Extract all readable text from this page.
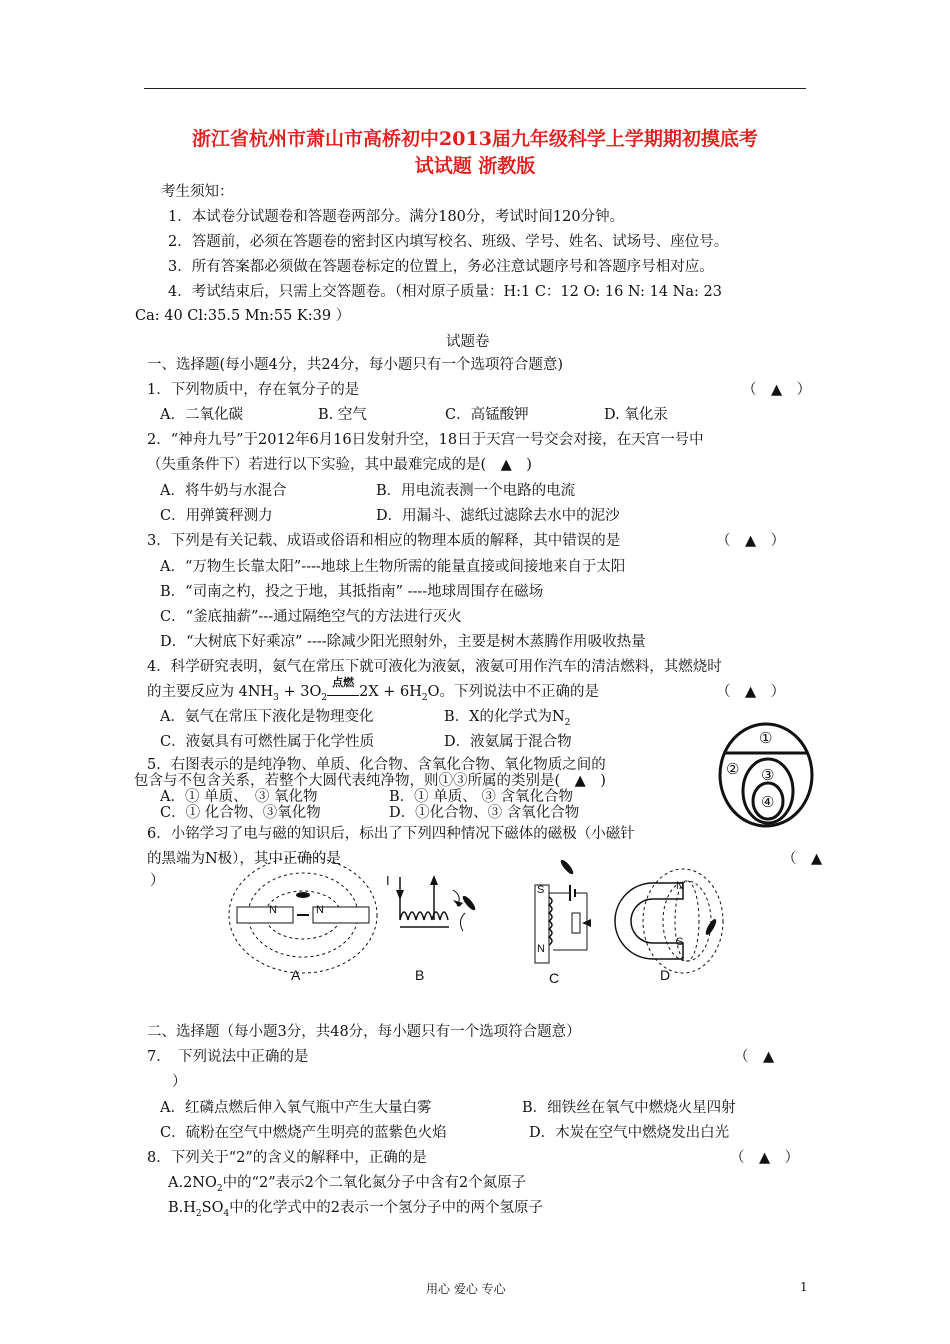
浙江省杭州市萧山市高桥初中2013届九年级科学上学期期初摸底考
试试题 浙教版
考生须知：
1．本试卷分试题卷和答题卷两部分。满分180分，考试时间120分钟。
2．答题前，必须在答题卷的密封区内填写校名、班级、学号、姓名、试场号、座位号。
3．所有答案都必须做在答题卷标定的位置上，务必注意试题序号和答题序号相对应。
4．考试结束后，只需上交答题卷。（相对原子质量：H:1 C：12 O: 16 N: 14 Na: 23
Ca: 40 Cl:35.5 Mn:55 K:39 ）
试题卷
一、选择题(每小题4分，共24分，每小题只有一个选项符合题意)
1．下列物质中，存在氧分子的是	（　▲　）
A．二氧化碳	B. 空气	C．高锰酸钾	D. 氧化汞
2．“神舟九号”于2012年6月16日发射升空，18日于天宫一号交会对接，在天宫一号中
（失重条件下）若进行以下实验，其中最难完成的是(　▲　)
A．将牛奶与水混合	B．用电流表测一个电路的电流
C．用弹簧秤测力	D．用漏斗、滤纸过滤除去水中的泥沙
3．下列是有关记载、成语或俗语和相应的物理本质的解释，其中错误的是	（　▲　）
A．“万物生长靠太阳”----地球上生物所需的能量直接或间接地来自于太阳
B．“司南之杓，投之于地，其抵指南” ----地球周围存在磁场
C．“釜底抽薪”---通过隔绝空气的方法进行灭火
D．“大树底下好乘凉” ----除减少阳光照射外，主要是树木蒸腾作用吸收热量
4．科学研究表明，氨气在常压下就可液化为液氨，液氨可用作汽车的清洁燃料，其燃烧时
的主要反应为 $4NH_3 + 3O_2$
点燃
$2X + 6H_2O$。下列说法中不正确的是	（　▲　）
A．氨气在常压下液化是物理变化	B．X的化学式为$N_2$
C．液氨具有可燃性属于化学性质	D．液氨属于混合物
5．右图表示的是纯净物、单质、化合物、含氧化合物、氧化物质之间的
包含与不包含关系，若整个大圆代表纯净物，则①③所属的类别是(　▲　)
A．① 单质、　③ 氧化物	B．① 单质、 ③ 含氧化合物
C．① 化合物、③氧化物	D．①化合物、③ 含氧化合物
①
② ③
④
6．小铭学习了电与磁的知识后，标出了下列四种情况下磁体的磁极（小磁针
的黑端为N极），其中正确的是	（　▲
）
N	N
I
S
N
N
S
A	B	C	D
二、选择题（每小题3分，共48分，每小题只有一个选项符合题意）
7．　下列说法中正确的是	（　▲
）
A．红磷点燃后伸入氧气瓶中产生大量白雾	B．细铁丝在氧气中燃烧火星四射
C．硫粉在空气中燃烧产生明亮的蓝紫色火焰	D．木炭在空气中燃烧发出白光
8．下列关于“2”的含义的解释中，正确的是	（　▲　）
$A.2NO_2$中的“2”表示2个二氧化氮分子中含有2个氮原子
$B.H_2SO_4$中的化学式中的2表示一个氢分子中的两个氢原子
用心 爱心 专心	1
